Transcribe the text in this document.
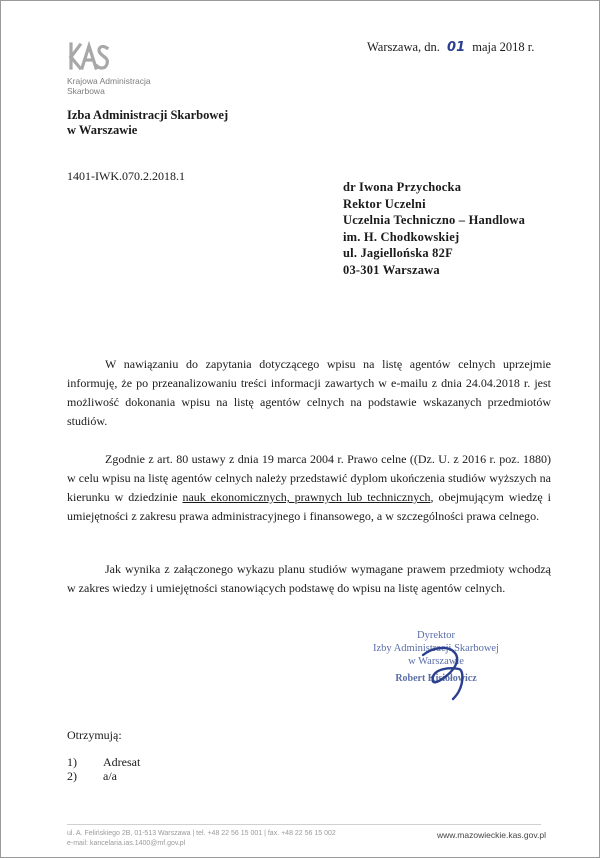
Krajowa Administracja
Skarbowa
Warszawa, dn. 01 maja 2018 r.
Izba Administracji Skarbowej
w Warszawie
1401-IWK.070.2.2018.1
dr Iwona Przychocka
Rektor Uczelni
Uczelnia Techniczno – Handlowa
im. H. Chodkowskiej
ul. Jagiellońska 82F
03-301 Warszawa

W nawiązaniu do zapytania dotyczącego wpisu na listę agentów celnych uprzejmie informuję, że po przeanalizowaniu treści informacji zawartych w e-mailu z dnia 24.04.2018 r. jest możliwość dokonania wpisu na listę agentów celnych na podstawie wskazanych przedmiotów studiów.

Zgodnie z art. 80 ustawy z dnia 19 marca 2004 r. Prawo celne ((Dz. U. z 2016 r. poz. 1880) w celu wpisu na listę agentów celnych należy przedstawić dyplom ukończenia studiów wyższych na kierunku w dziedzinie nauk ekonomicznych, prawnych lub technicznych, obejmującym wiedzę i umiejętności z zakresu prawa administracyjnego i finansowego, a w szczególności prawa celnego.

Jak wynika z załączonego wykazu planu studiów wymagane prawem przedmioty wchodzą w zakres wiedzy i umiejętności stanowiących podstawę do wpisu na listę agentów celnych.

Dyrektor
Izby Administracji Skarbowej
w Warszawie
Robert Kisiołowicz
Otrzymują:
1)	Adresat
2)	a/a
ul. A. Felińskiego 2B, 01-513 Warszawa | tel. +48 22 56 15 001 | fax. +48 22 56 15 002
e-mail: kancelaria.ias.1400@mf.gov.pl
www.mazowieckie.kas.gov.pl
